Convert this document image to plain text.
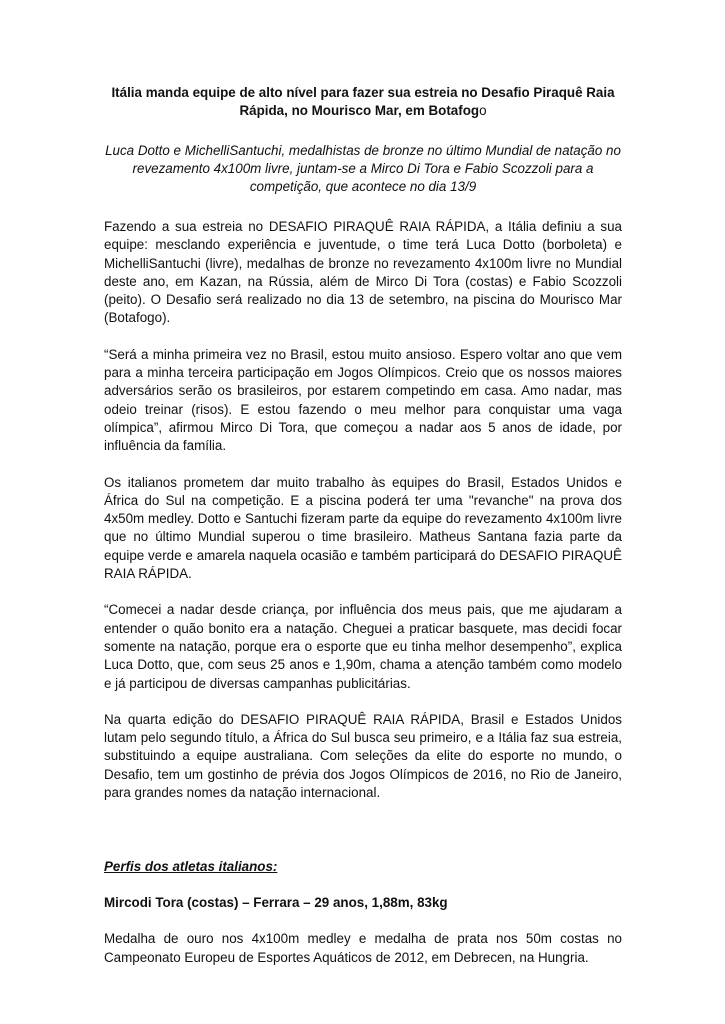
Itália manda equipe de alto nível para fazer sua estreia no Desafio Piraquê Raia Rápida, no Mourisco Mar, em Botafogo

Luca Dotto e MichelliSantuchi, medalhistas de bronze no último Mundial de natação no revezamento 4x100m livre, juntam-se a Mirco Di Tora e Fabio Scozzoli para a competição, que acontece no dia 13/9

Fazendo a sua estreia no DESAFIO PIRAQUÊ RAIA RÁPIDA, a Itália definiu a sua equipe: mesclando experiência e juventude, o time terá Luca Dotto (borboleta) e MichelliSantuchi (livre), medalhas de bronze no revezamento 4x100m livre no Mundial deste ano, em Kazan, na Rússia, além de Mirco Di Tora (costas) e Fabio Scozzoli (peito). O Desafio será realizado no dia 13 de setembro, na piscina do Mourisco Mar (Botafogo).

“Será a minha primeira vez no Brasil, estou muito ansioso. Espero voltar ano que vem para a minha terceira participação em Jogos Olímpicos. Creio que os nossos maiores adversários serão os brasileiros, por estarem competindo em casa. Amo nadar, mas odeio treinar (risos). E estou fazendo o meu melhor para conquistar uma vaga olímpica”, afirmou Mirco Di Tora, que começou a nadar aos 5 anos de idade, por influência da família.

Os italianos prometem dar muito trabalho às equipes do Brasil, Estados Unidos e África do Sul na competição. E a piscina poderá ter uma "revanche" na prova dos 4x50m medley. Dotto e Santuchi fizeram parte da equipe do revezamento 4x100m livre que no último Mundial superou o time brasileiro. Matheus Santana fazia parte da equipe verde e amarela naquela ocasião e também participará do DESAFIO PIRAQUÊ RAIA RÁPIDA.

“Comecei a nadar desde criança, por influência dos meus pais, que me ajudaram a entender o quão bonito era a natação. Cheguei a praticar basquete, mas decidi focar somente na natação, porque era o esporte que eu tinha melhor desempenho”, explica Luca Dotto, que, com seus 25 anos e 1,90m, chama a atenção também como modelo e já participou de diversas campanhas publicitárias.

Na quarta edição do DESAFIO PIRAQUÊ RAIA RÁPIDA, Brasil e Estados Unidos lutam pelo segundo título, a África do Sul busca seu primeiro, e a Itália faz sua estreia, substituindo a equipe australiana. Com seleções da elite do esporte no mundo, o Desafio, tem um gostinho de prévia dos Jogos Olímpicos de 2016, no Rio de Janeiro, para grandes nomes da natação internacional.

Perfis dos atletas italianos:

Mircodi Tora (costas) – Ferrara – 29 anos, 1,88m, 83kg

Medalha de ouro nos 4x100m medley e medalha de prata nos 50m costas no Campeonato Europeu de Esportes Aquáticos de 2012, em Debrecen, na Hungria.
